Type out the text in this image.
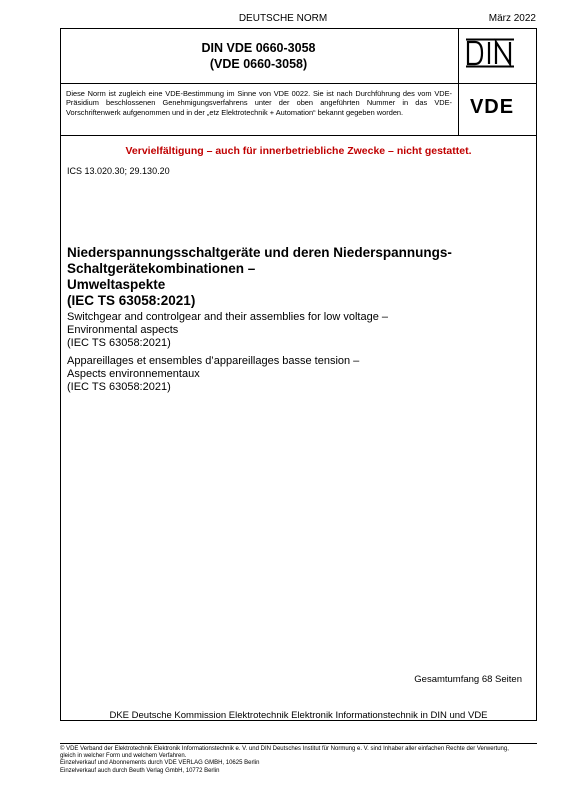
DEUTSCHE NORM	März 2022
DIN VDE 0660-3058
(VDE 0660-3058)
Diese Norm ist zugleich eine VDE-Bestimmung im Sinne von VDE 0022. Sie ist nach Durchführung des vom VDE-Präsidium beschlossenen Genehmigungsverfahrens unter der oben angeführten Nummer in das VDE-Vorschriftenwerk aufgenommen und in der „etz Elektrotechnik + Automation“ bekannt gegeben worden.	VDE
Vervielfältigung – auch für innerbetriebliche Zwecke – nicht gestattet.
ICS 13.020.30; 29.130.20
Niederspannungsschaltgeräte und deren Niederspannungs-
Schaltgerätekombinationen –
Umweltaspekte
(IEC TS 63058:2021)
Switchgear and controlgear and their assemblies for low voltage –
Environmental aspects
(IEC TS 63058:2021)
Appareillages et ensembles d’appareillages basse tension –
Aspects environnementaux
(IEC TS 63058:2021)
Gesamtumfang 68 Seiten
DKE Deutsche Kommission Elektrotechnik Elektronik Informationstechnik in DIN und VDE
© VDE Verband der Elektrotechnik Elektronik Informationstechnik e. V. und DIN Deutsches Institut für Normung e. V. sind Inhaber aller einfachen Rechte der Verwertung,
gleich in welcher Form und welchem Verfahren.
Einzelverkauf und Abonnements durch VDE VERLAG GMBH, 10625 Berlin
Einzelverkauf auch durch Beuth Verlag GmbH, 10772 Berlin
